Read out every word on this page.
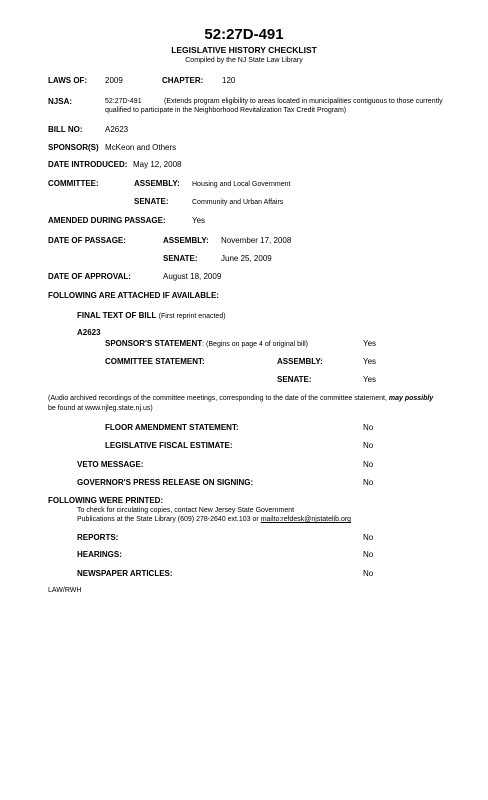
52:27D-491
LEGISLATIVE HISTORY CHECKLIST
Compiled by the NJ State Law Library
LAWS OF: 2009	CHAPTER: 120
NJSA:	52:27D-491	(Extends program eligibility to areas located in municipalities contiguous to those currently
qualified to participate in the Neighborhood Revitalization Tax Credit Program)
BILL NO:	A2623
SPONSOR(S) McKeon and Others
DATE INTRODUCED: May 12, 2008
COMMITTEE:	ASSEMBLY: Housing and Local Government
SENATE:	Community and Urban Affairs
AMENDED DURING PASSAGE:	Yes
DATE OF PASSAGE:	ASSEMBLY: November 17, 2008
SENATE:	June 25, 2009
DATE OF APPROVAL:	August 18, 2009
FOLLOWING ARE ATTACHED IF AVAILABLE:
FINAL TEXT OF BILL (First reprint enacted)
A2623
SPONSOR'S STATEMENT: (Begins on page 4 of original bill)	Yes
COMMITTEE STATEMENT:	ASSEMBLY:	Yes
SENATE:	Yes
(Audio archived recordings of the committee meetings, corresponding to the date of the committee statement, may possibly
be found at www.njleg.state.nj.us)
FLOOR AMENDMENT STATEMENT:	No
LEGISLATIVE FISCAL ESTIMATE:	No
VETO MESSAGE:	No
GOVERNOR'S PRESS RELEASE ON SIGNING:	No
FOLLOWING WERE PRINTED:
To check for circulating copies, contact New Jersey State Government
Publications at the State Library (609) 278-2640 ext.103 or mailto:refdesk@njstatelib.org
REPORTS:	No
HEARINGS:	No
NEWSPAPER ARTICLES:	No
LAW/RWH
